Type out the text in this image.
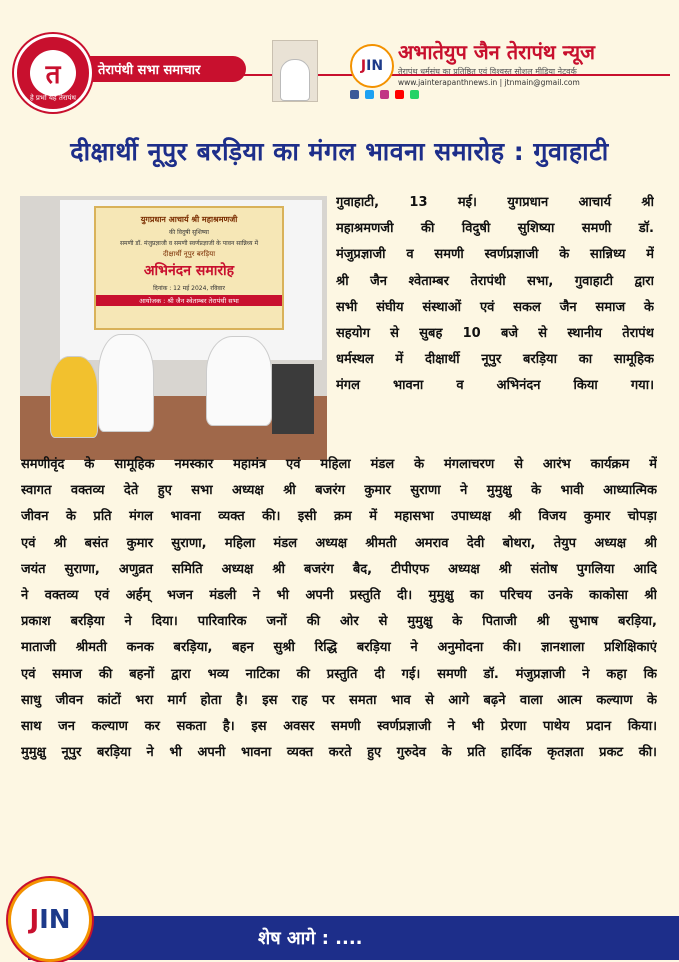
तेरापंथी सभा समाचार
त
हे प्रभो यह तेरापंथ
J IN
अभातेयुप जैन तेरापंथ न्यूज
तेरापंथ धर्मसंघ का प्रतिष्ठित एवं विश्वस्त सोशल मीडिया नेटवर्क
www.jainterapanthnews.in | jtnmain@gmail.com
दीक्षार्थी नूपुर बरड़िया का मंगल भावना समारोह : गुवाहाटी
युगप्रधान आचार्य श्री महाश्रमणजी
की विदुषी सुशिष्या
समणी डॉ. मंजुप्रज्ञाजी व समणी स्वर्णप्रज्ञाजी के पावन सान्निध्य में
दीक्षार्थी नूपुर बरड़िया
अभिनंदन समारोह
दिनांक : 12 मई 2024, रविवार
आयोजक : श्री जैन श्वेताम्बर तेरापंथी सभा
गुवाहाटी, 13 मई। युगप्रधान आचार्य श्री
महाश्रमणजी की विदुषी सुशिष्या समणी डॉ.
मंजुप्रज्ञाजी व समणी स्वर्णप्रज्ञाजी के सान्निध्य में
श्री जैन श्वेताम्बर तेरापंथी सभा, गुवाहाटी द्वारा
सभी संघीय संस्थाओं एवं सकल जैन समाज के
सहयोग से सुबह 10 बजे से स्थानीय तेरापंथ
धर्मस्थल में दीक्षार्थी नूपुर बरड़िया का सामूहिक
मंगल भावना व अभिनंदन किया गया।
समणीवृंद के सामूहिक नमस्कार महामंत्र एवं महिला मंडल के मंगलाचरण से आरंभ कार्यक्रम में
स्वागत वक्तव्य देते हुए सभा अध्यक्ष श्री बजरंग कुमार सुराणा ने मुमुक्षु के भावी आध्यात्मिक
जीवन के प्रति मंगल भावना व्यक्त की। इसी क्रम में महासभा उपाध्यक्ष श्री विजय कुमार चोपड़ा
एवं श्री बसंत कुमार सुराणा, महिला मंडल अध्यक्ष श्रीमती अमराव देवी बोथरा, तेयुप अध्यक्ष श्री
जयंत सुराणा, अणुव्रत समिति अध्यक्ष श्री बजरंग बैद, टीपीएफ अध्यक्ष श्री संतोष पुगलिया आदि
ने वक्तव्य एवं अर्हम् भजन मंडली ने भी अपनी प्रस्तुति दी। मुमुक्षु का परिचय उनके काकोसा श्री
प्रकाश बरड़िया ने दिया। पारिवारिक जनों की ओर से मुमुक्षु के पिताजी श्री सुभाष बरड़िया,
माताजी श्रीमती कनक बरड़िया, बहन सुश्री रिद्धि बरड़िया ने अनुमोदना की। ज्ञानशाला प्रशिक्षिकाएं
एवं समाज की बहनों द्वारा भव्य नाटिका की प्रस्तुति दी गई। समणी डॉ. मंजुप्रज्ञाजी ने कहा कि
साधु जीवन कांटों भरा मार्ग होता है। इस राह पर समता भाव से आगे बढ़ने वाला आत्म कल्याण के
साथ जन कल्याण कर सकता है। इस अवसर समणी स्वर्णप्रज्ञाजी ने भी प्रेरणा पाथेय प्रदान किया।
मुमुक्षु नूपुर बरड़िया ने भी अपनी भावना व्यक्त करते हुए गुरुदेव के प्रति हार्दिक कृतज्ञता प्रकट की।
शेष आगे : ....
J IN
